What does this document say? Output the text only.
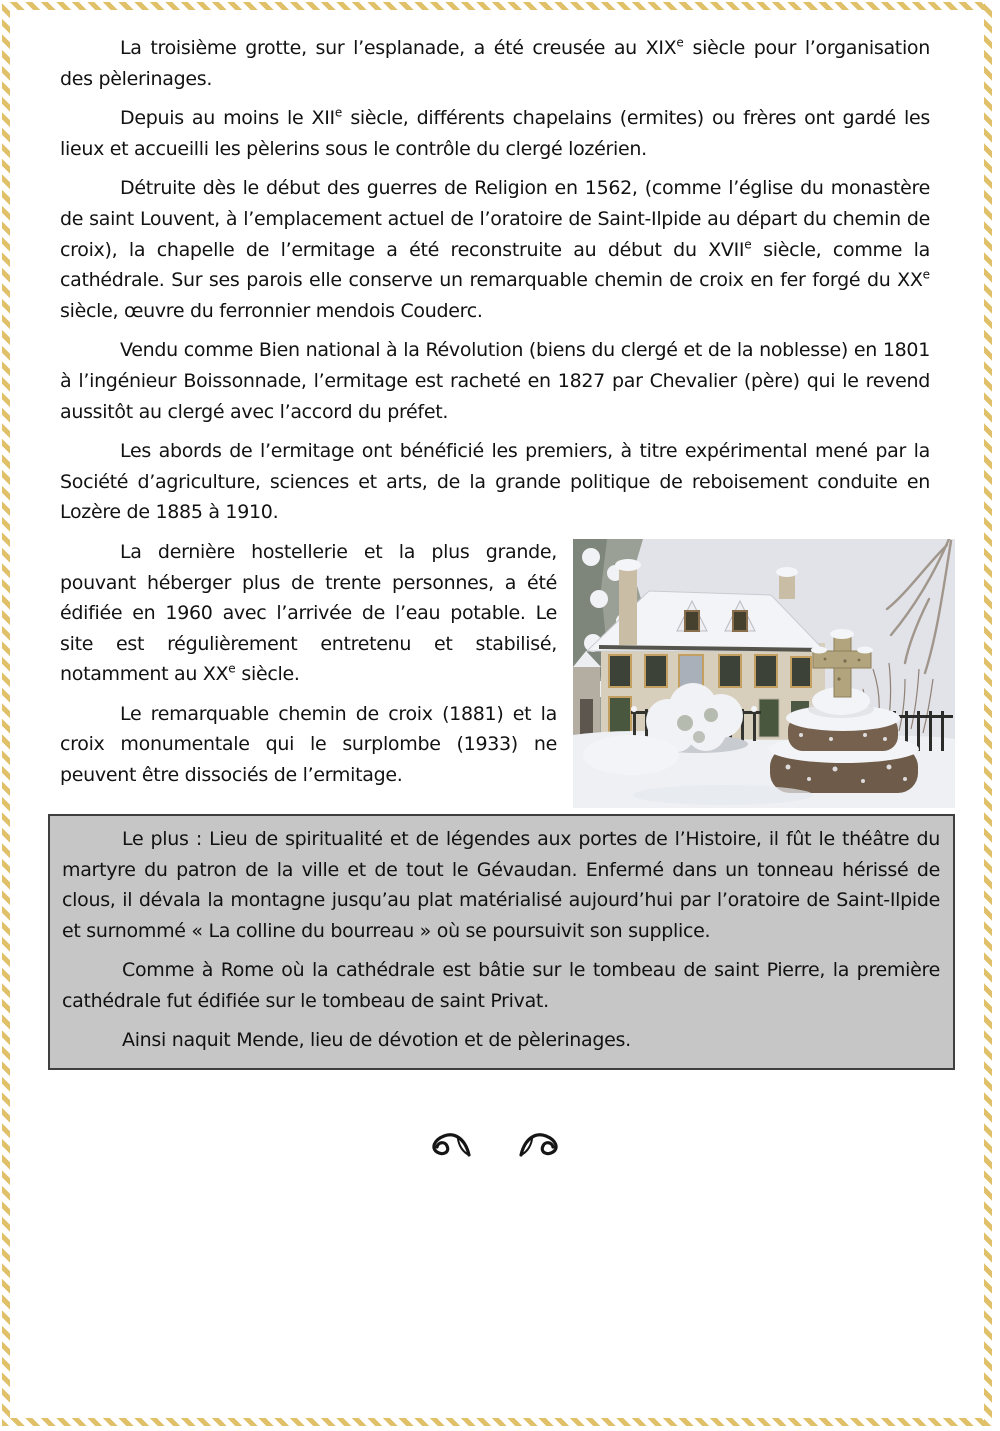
La troisième grotte, sur l’esplanade, a été creusée au XIXe siècle pour l’organisation des pèlerinages.

Depuis au moins le XIIe siècle, différents chapelains (ermites) ou frères ont gardé les lieux et accueilli les pèlerins sous le contrôle du clergé lozérien.

Détruite dès le début des guerres de Religion en 1562, (comme l’église du monastère de saint Louvent, à l’emplacement actuel de l’oratoire de Saint-Ilpide au départ du chemin de croix), la chapelle de l’ermitage a été reconstruite au début du XVIIe siècle, comme la cathédrale. Sur ses parois elle conserve un remarquable chemin de croix en fer forgé du XXe siècle, œuvre du ferronnier mendois Couderc.

Vendu comme Bien national à la Révolution (biens du clergé et de la noblesse) en 1801 à l’ingénieur Boissonnade, l’ermitage est racheté en 1827 par Chevalier (père) qui le revend aussitôt au clergé avec l’accord du préfet.

Les abords de l’ermitage ont bénéficié les premiers, à titre expérimental mené par la Société d’agriculture, sciences et arts, de la grande politique de reboisement conduite en Lozère de 1885 à 1910.

La dernière hostellerie et la plus grande, pouvant héberger plus de trente personnes, a été édifiée en 1960 avec l’arrivée de l’eau potable. Le site est régulièrement entretenu et stabilisé, notamment au XXe siècle.

Le remarquable chemin de croix (1881) et la croix monumentale qui le surplombe (1933) ne peuvent être dissociés de l’ermitage.

Le plus : Lieu de spiritualité et de légendes aux portes de l’Histoire, il fût le théâtre du martyre du patron de la ville et de tout le Gévaudan. Enfermé dans un tonneau hérissé de clous, il dévala la montagne jusqu’au plat matérialisé aujourd’hui par l’oratoire de Saint-Ilpide et surnommé « La colline du bourreau » où se poursuivit son supplice.

Comme à Rome où la cathédrale est bâtie sur le tombeau de saint Pierre, la première cathédrale fut édifiée sur le tombeau de saint Privat.

Ainsi naquit Mende, lieu de dévotion et de pèlerinages.
